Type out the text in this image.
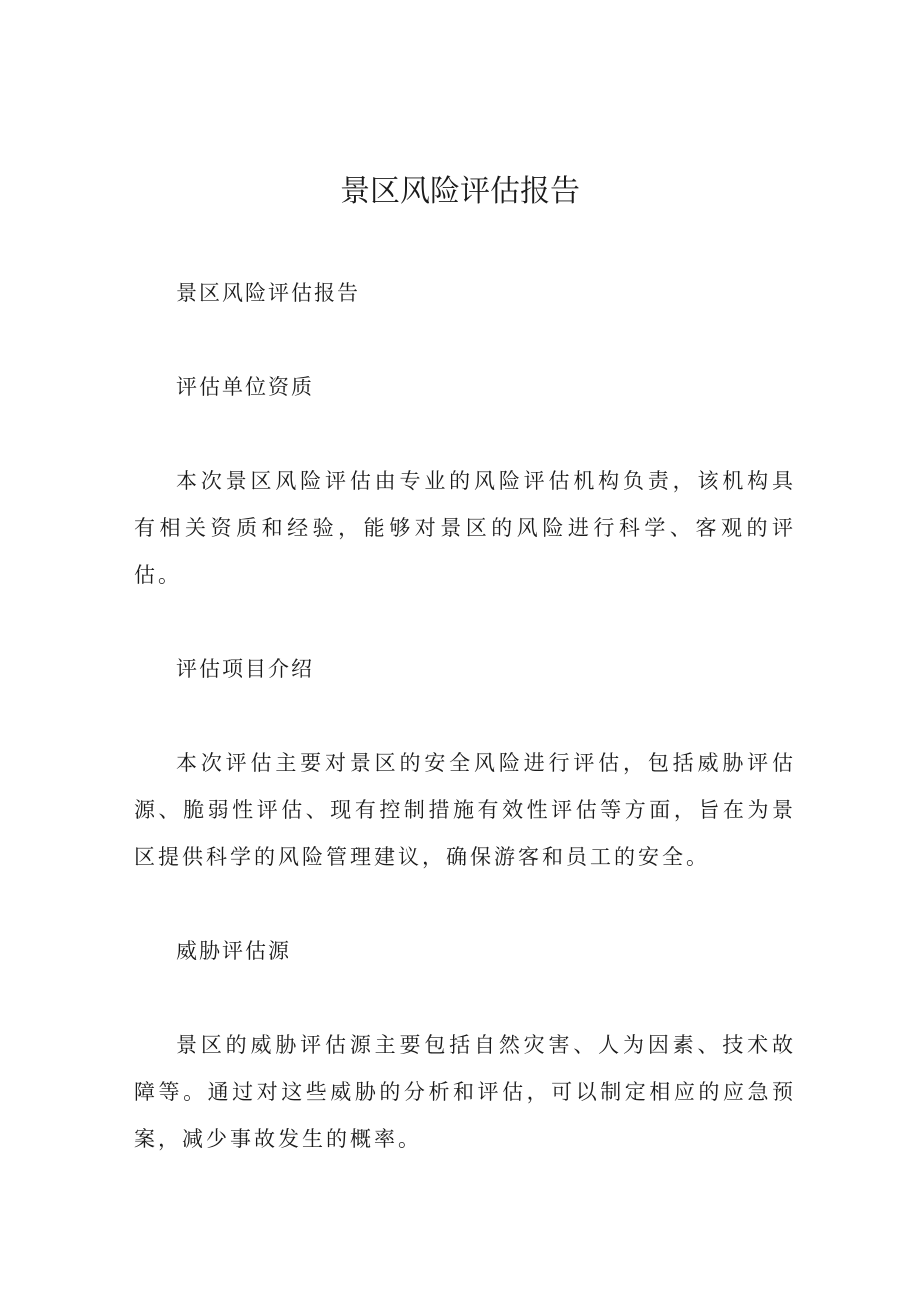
景区风险评估报告

景区风险评估报告

评估单位资质

本次景区风险评估由专业的风险评估机构负责，该机构具有相关资质和经验，能够对景区的风险进行科学、客观的评估。

评估项目介绍

本次评估主要对景区的安全风险进行评估，包括威胁评估源、脆弱性评估、现有控制措施有效性评估等方面，旨在为景区提供科学的风险管理建议，确保游客和员工的安全。

威胁评估源

景区的威胁评估源主要包括自然灾害、人为因素、技术故障等。通过对这些威胁的分析和评估，可以制定相应的应急预案，减少事故发生的概率。
